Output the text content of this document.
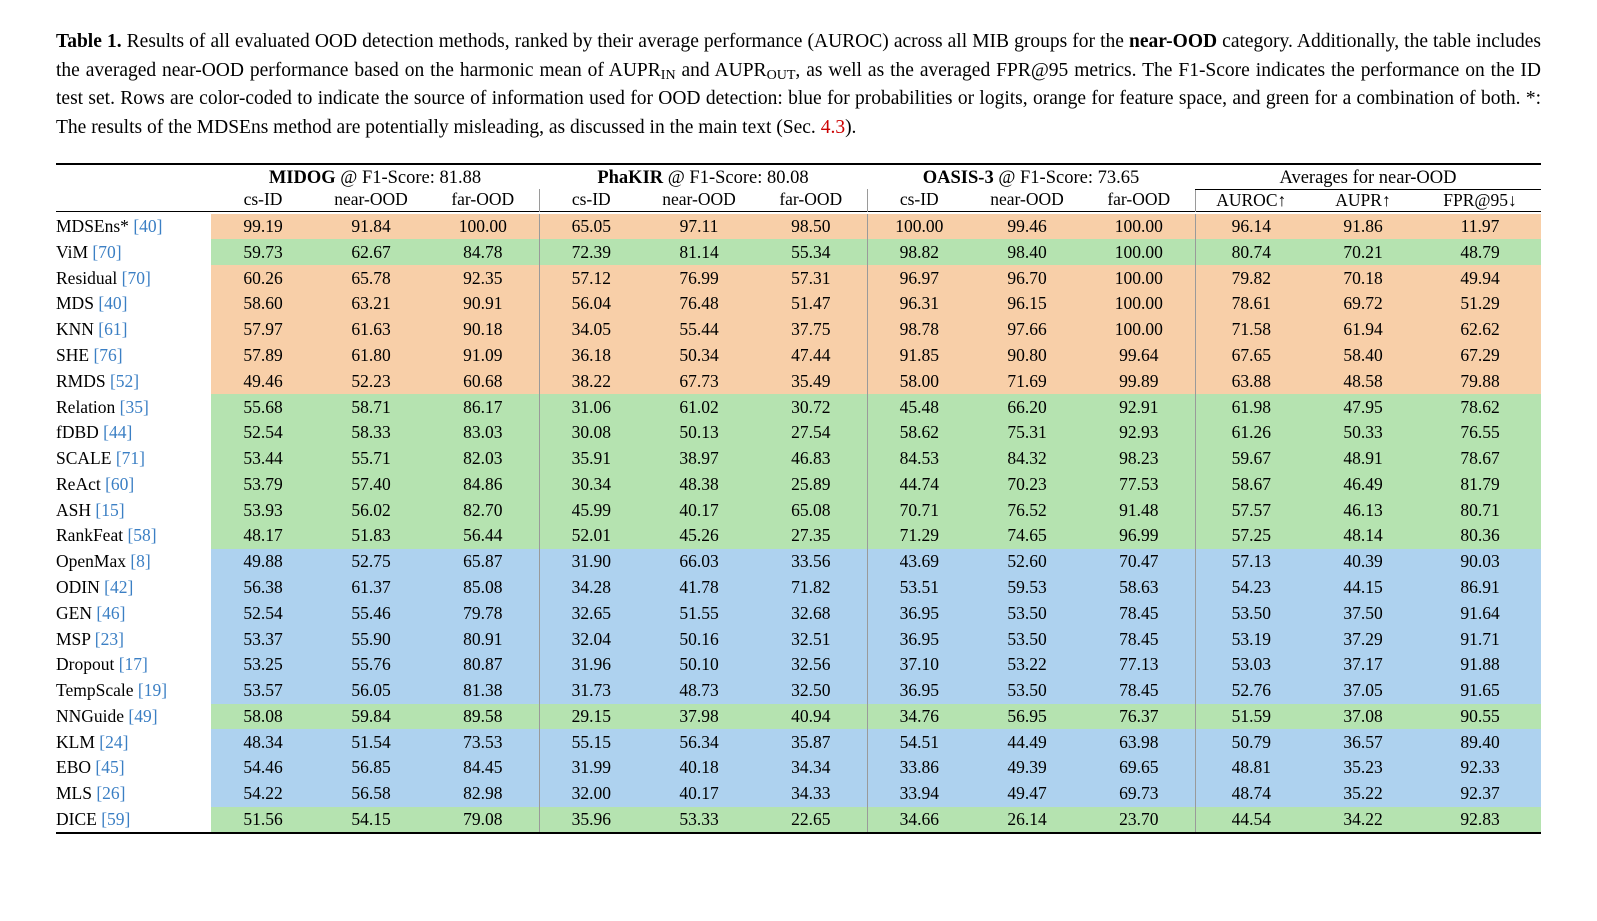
Table 1. Results of all evaluated OOD detection methods, ranked by their average performance (AUROC) across all MIB groups for the near-OOD category. Additionally, the table includes the averaged near-OOD performance based on the harmonic mean of $AUPR_{IN}$ and $AUPR_{OUT}$, as well as the averaged FPR@95 metrics. The F1-Score indicates the performance on the ID test set. Rows are color-coded to indicate the source of information used for OOD detection: blue for probabilities or logits, orange for feature space, and green for a combination of both. *: The results of the MDSEns method are potentially misleading, as discussed in the main text (Sec. 4.3).

	MIDOG @ F1-Score: 81.88			PhaKIR @ F1-Score: 80.08			OASIS-3 @ F1-Score: 73.65			Averages for near-OOD		
	cs-ID	near-OOD	far-OOD	cs-ID	near-OOD	far-OOD	cs-ID	near-OOD	far-OOD	AUROC↑	AUPR↑	FPR@95↓

MDSEns* [40]	99.19	91.84	100.00	65.05	97.11	98.50	100.00	99.46	100.00	96.14	91.86	11.97
ViM [70]	59.73	62.67	84.78	72.39	81.14	55.34	98.82	98.40	100.00	80.74	70.21	48.79
Residual [70]	60.26	65.78	92.35	57.12	76.99	57.31	96.97	96.70	100.00	79.82	70.18	49.94
MDS [40]	58.60	63.21	90.91	56.04	76.48	51.47	96.31	96.15	100.00	78.61	69.72	51.29
KNN [61]	57.97	61.63	90.18	34.05	55.44	37.75	98.78	97.66	100.00	71.58	61.94	62.62
SHE [76]	57.89	61.80	91.09	36.18	50.34	47.44	91.85	90.80	99.64	67.65	58.40	67.29
RMDS [52]	49.46	52.23	60.68	38.22	67.73	35.49	58.00	71.69	99.89	63.88	48.58	79.88
Relation [35]	55.68	58.71	86.17	31.06	61.02	30.72	45.48	66.20	92.91	61.98	47.95	78.62
fDBD [44]	52.54	58.33	83.03	30.08	50.13	27.54	58.62	75.31	92.93	61.26	50.33	76.55
SCALE [71]	53.44	55.71	82.03	35.91	38.97	46.83	84.53	84.32	98.23	59.67	48.91	78.67
ReAct [60]	53.79	57.40	84.86	30.34	48.38	25.89	44.74	70.23	77.53	58.67	46.49	81.79
ASH [15]	53.93	56.02	82.70	45.99	40.17	65.08	70.71	76.52	91.48	57.57	46.13	80.71
RankFeat [58]	48.17	51.83	56.44	52.01	45.26	27.35	71.29	74.65	96.99	57.25	48.14	80.36
OpenMax [8]	49.88	52.75	65.87	31.90	66.03	33.56	43.69	52.60	70.47	57.13	40.39	90.03
ODIN [42]	56.38	61.37	85.08	34.28	41.78	71.82	53.51	59.53	58.63	54.23	44.15	86.91
GEN [46]	52.54	55.46	79.78	32.65	51.55	32.68	36.95	53.50	78.45	53.50	37.50	91.64
MSP [23]	53.37	55.90	80.91	32.04	50.16	32.51	36.95	53.50	78.45	53.19	37.29	91.71
Dropout [17]	53.25	55.76	80.87	31.96	50.10	32.56	37.10	53.22	77.13	53.03	37.17	91.88
TempScale [19]	53.57	56.05	81.38	31.73	48.73	32.50	36.95	53.50	78.45	52.76	37.05	91.65
NNGuide [49]	58.08	59.84	89.58	29.15	37.98	40.94	34.76	56.95	76.37	51.59	37.08	90.55
KLM [24]	48.34	51.54	73.53	55.15	56.34	35.87	54.51	44.49	63.98	50.79	36.57	89.40
EBO [45]	54.46	56.85	84.45	31.99	40.18	34.34	33.86	49.39	69.65	48.81	35.23	92.33
MLS [26]	54.22	56.58	82.98	32.00	40.17	34.33	33.94	49.47	69.73	48.74	35.22	92.37
DICE [59]	51.56	54.15	79.08	35.96	53.33	22.65	34.66	26.14	23.70	44.54	34.22	92.83
